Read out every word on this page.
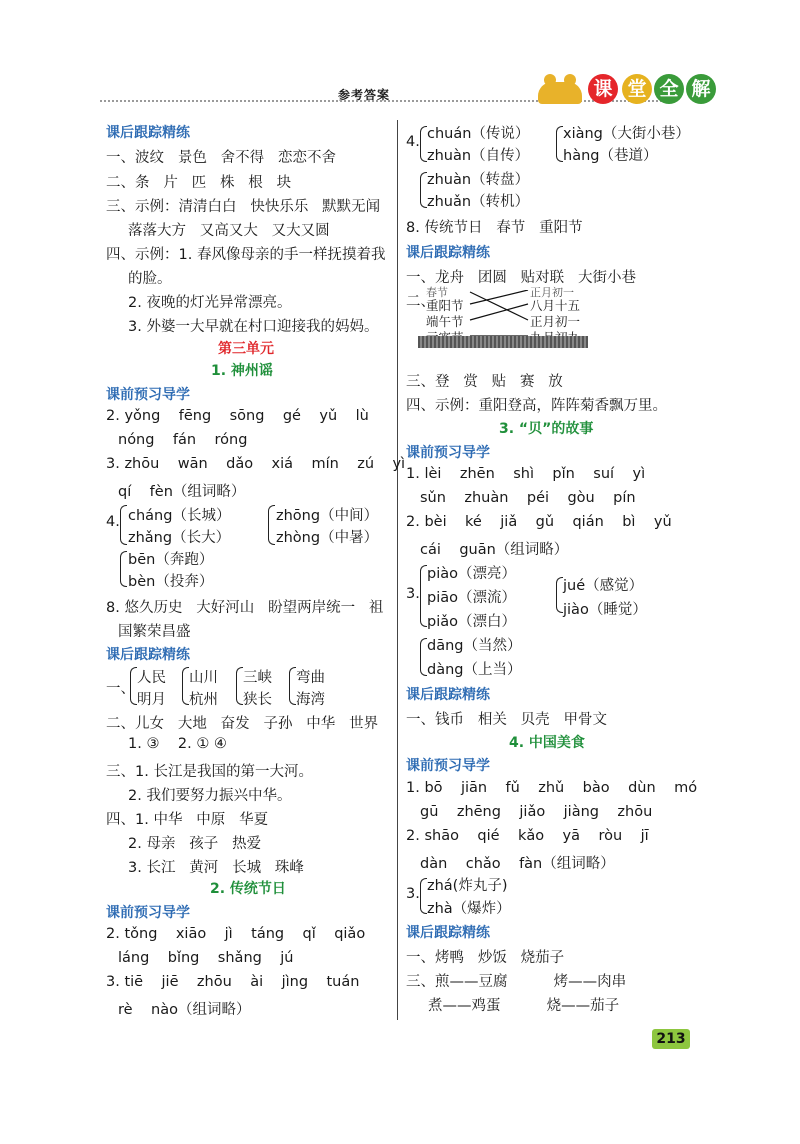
参考答案	课 堂 全 解
课后跟踪精练
一、波纹   景色   舍不得   恋恋不舍
二、条   片   匹   株   根   块
三、示例：清清白白   快快乐乐   默默无闻
落落大方   又高又大   又大又圆
四、示例：1. 春风像母亲的手一样抚摸着我
的脸。
2. 夜晚的灯光异常漂亮。
3. 外婆一大早就在村口迎接我的妈妈。
第三单元
1. 神州谣
课前预习导学
2. yǒng    fēng    sōng    gé    yǔ    lù
nóng    fán    róng
3. zhōu    wān    dǎo    xiá    mín    zú    yì
qí    fèn（组词略）
4. cháng（长城）
zhǎng（长大）
zhōng（中间）
zhòng（中暑）
bēn（奔跑）
bèn（投奔）
8. 悠久历史   大好河山   盼望两岸统一   祖
国繁荣昌盛
课后跟踪精练
一、
人民
明月
山川
杭州
三峡
狭长
弯曲
海湾
二、儿女   大地   奋发   子孙   中华   世界
1. ③    2. ① ④
三、1. 长江是我国的第一大河。
2. 我们要努力振兴中华。
四、1. 中华   中原   华夏
2. 母亲   孩子   热爱
3. 长江   黄河   长城   珠峰
2. 传统节日
课前预习导学
2. tǒng    xiāo    jì    táng    qǐ    qiǎo
láng    bǐng    shǎng    jú
3. tiē    jiē    zhōu    ài    jìng    tuán
rè    nào（组词略）
4. chuán（传说）
zhuàn（自传）
xiàng（大街小巷）
hàng（巷道）
zhuàn（转盘）
zhuǎn（转机）
8. 传统节日   春节   重阳节
课后跟踪精练
一、龙舟   团圆   贴对联   大街小巷
二、
春节
重阳节
端午节
正月初一
八月十五
正月初一
三、登   赏   贴   赛   放
四、示例：重阳登高，阵阵菊香飘万里。
3. “贝”的故事
课前预习导学
1. lèi    zhēn    shì    pǐn    suí    yì
sǔn    zhuàn    péi    gòu    pín
2. bèi    ké    jiǎ    gǔ    qián    bì    yǔ
cái    guān（组词略）
3.
piào（漂亮）
piāo（漂流）
piǎo（漂白）
jué（感觉）
jiào（睡觉）
dāng（当然）
dàng（上当）
课后跟踪精练
一、钱币   相关   贝壳   甲骨文
4. 中国美食
课前预习导学
1. bō    jiān    fǔ    zhǔ    bào    dùn    mó
gū    zhēng    jiǎo    jiàng    zhōu
2. shāo    qié    kǎo    yā    ròu    jī
dàn    chǎo    fàn（组词略）
3. zhá(炸丸子)
zhà（爆炸）
课后跟踪精练
一、烤鸭   炒饭   烧茄子
三、煎——豆腐          烤——肉串
煮——鸡蛋          烧——茄子
213
